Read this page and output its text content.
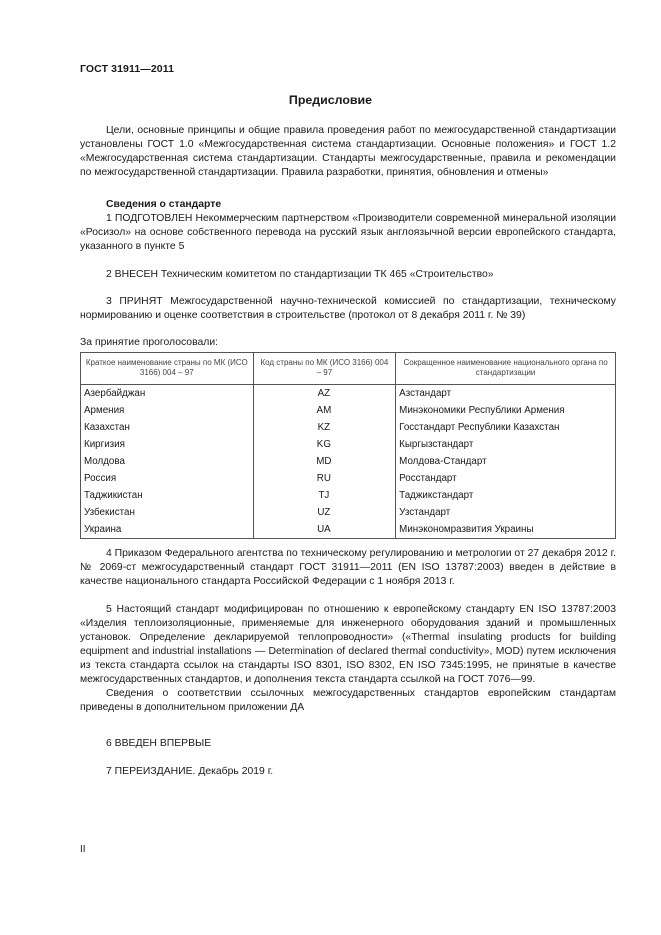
ГОСТ 31911—2011
Предисловие
Цели, основные принципы и общие правила проведения работ по межгосударственной стандартизации установлены ГОСТ 1.0 «Межгосударственная система стандартизации. Основные положения» и ГОСТ 1.2 «Межгосударственная система стандартизации. Стандарты межгосударственные, правила и рекомендации по межгосударственной стандартизации. Правила разработки, принятия, обновления и отмены»
Сведения о стандарте
1 ПОДГОТОВЛЕН Некоммерческим партнерством «Производители современной минеральной изоляции «Росизол» на основе собственного перевода на русский язык англоязычной версии европейского стандарта, указанного в пункте 5
2 ВНЕСЕН Техническим комитетом по стандартизации ТК 465 «Строительство»
3 ПРИНЯТ Межгосударственной научно-технической комиссией по стандартизации, техническому нормированию и оценке соответствия в строительстве (протокол от 8 декабря 2011 г. № 39)
За принятие проголосовали:
Краткое наименование страны по МК (ИСО 3166) 004 – 97	Код страны по МК (ИСО 3166) 004 – 97	Сокращенное наименование национального органа по стандартизации
Азербайджан	AZ	Азстандарт
Армения	AM	Минэкономики Республики Армения
Казахстан	KZ	Госстандарт Республики Казахстан
Киргизия	KG	Кыргызстандарт
Молдова	MD	Молдова-Стандарт
Россия	RU	Росстандарт
Таджикистан	TJ	Таджикстандарт
Узбекистан	UZ	Узстандарт
Украина	UA	Минэкономразвития Украины
4 Приказом Федерального агентства по техническому регулированию и метрологии от 27 декабря 2012 г. № 2069-ст межгосударственный стандарт ГОСТ 31911—2011 (EN ISO 13787:2003) введен в действие в качестве национального стандарта Российской Федерации с 1 ноября 2013 г.

5 Настоящий стандарт модифицирован по отношению к европейскому стандарту EN ISO 13787:2003 «Изделия теплоизоляционные, применяемые для инженерного оборудования зданий и промышленных установок. Определение декларируемой теплопроводности» («Thermal insulating products for building equipment and industrial installations — Determination of declared thermal conductivity», MOD) путем исключения из текста стандарта ссылок на стандарты ISO 8301, ISO 8302, EN ISO 7345:1995, не принятые в качестве межгосударственных стандартов, и дополнения текста стандарта ссылкой на ГОСТ 7076—99.

Сведения о соответствии ссылочных межгосударственных стандартов европейским стандартам приведены в дополнительном приложении ДА

6 ВВЕДЕН ВПЕРВЫЕ
7 ПЕРЕИЗДАНИЕ. Декабрь 2019 г.
II
